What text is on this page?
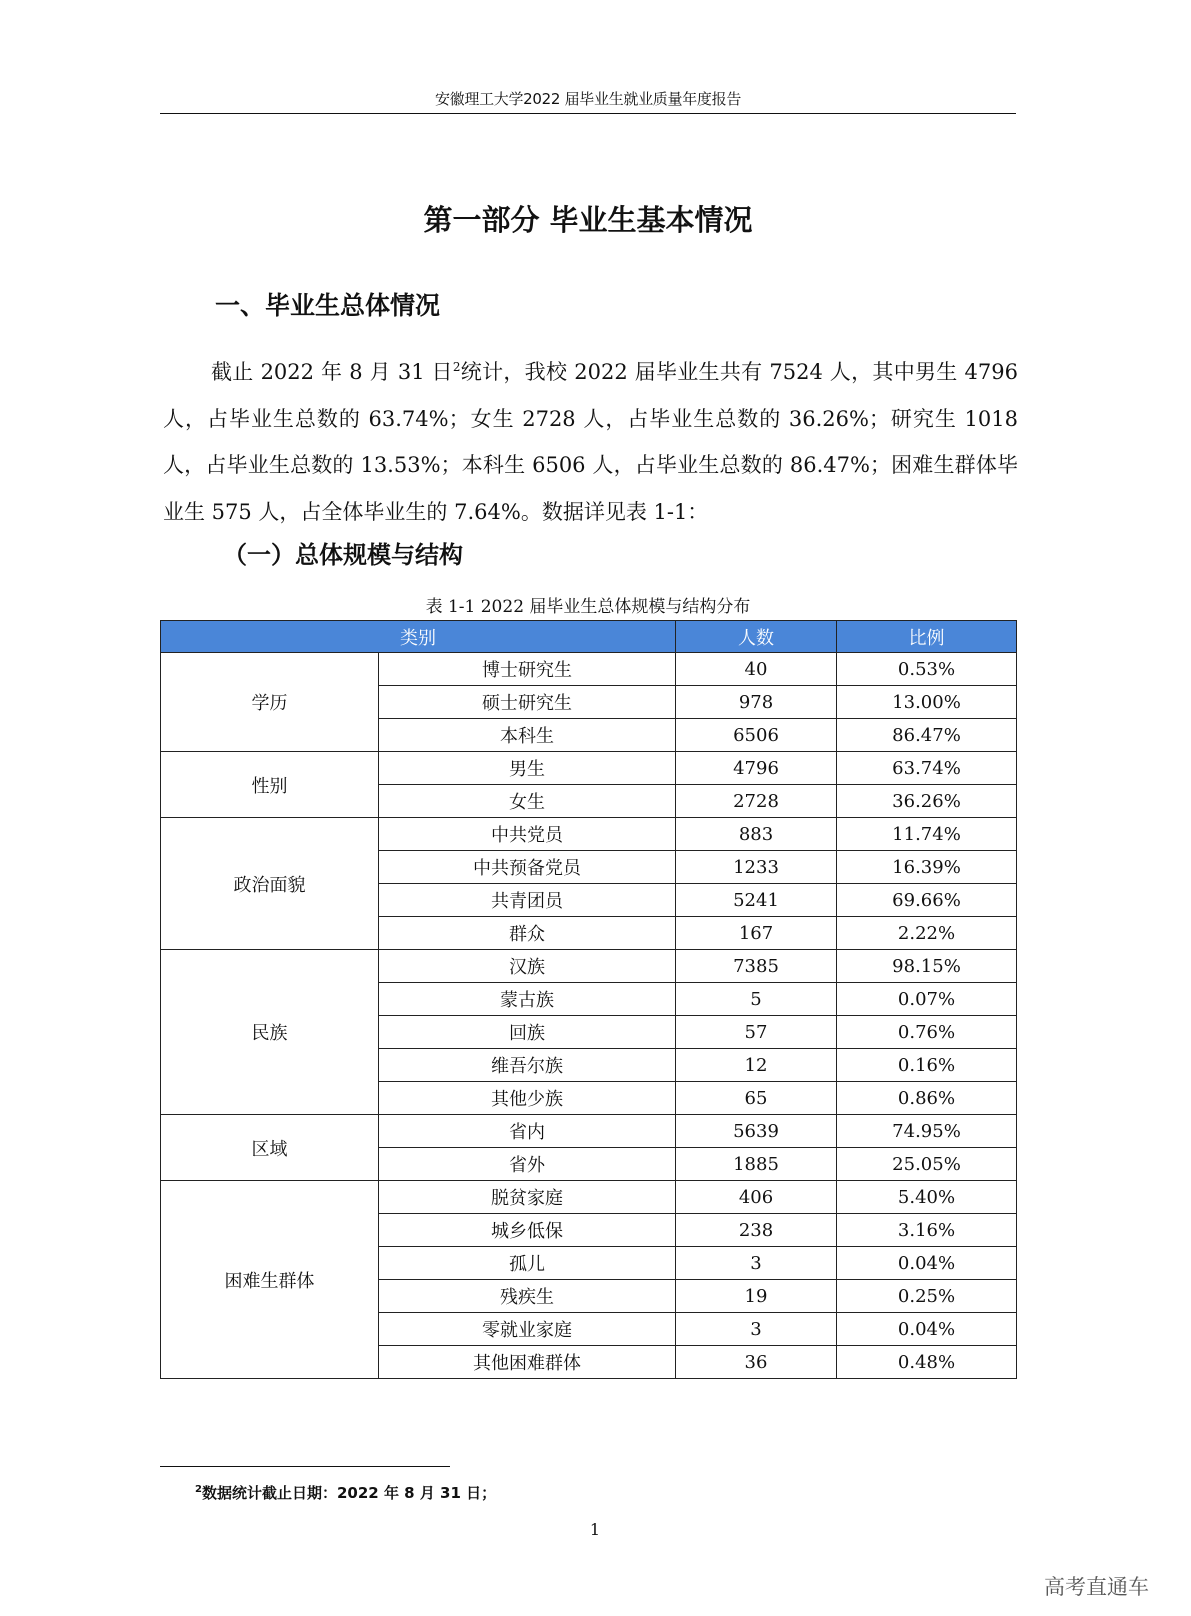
安徽理工大学2022 届毕业生就业质量年度报告
第一部分 毕业生基本情况
一、毕业生总体情况
截止 2022 年 8 月 31 日$^2$统计，我校 2022 届毕业生共有 7524 人，其中男生 4796 人，占毕业生总数的 63.74%；女生 2728 人，占毕业生总数的 36.26%；研究生 1018 人，占毕业生总数的 13.53%；本科生 6506 人，占毕业生总数的 86.47%；困难生群体毕业生 575 人，占全体毕业生的 7.64%。数据详见表 1-1：
（一）总体规模与结构
表 1-1 2022 届毕业生总体规模与结构分布
类别		人数	比例
学历	博士研究生	40	0.53%
	硕士研究生	978	13.00%
	本科生	6506	86.47%
性别	男生	4796	63.74%
	女生	2728	36.26%
政治面貌	中共党员	883	11.74%
	中共预备党员	1233	16.39%
	共青团员	5241	69.66%
	群众	167	2.22%
民族	汉族	7385	98.15%
	蒙古族	5	0.07%
	回族	57	0.76%
	维吾尔族	12	0.16%
	其他少族	65	0.86%
区域	省内	5639	74.95%
	省外	1885	25.05%
困难生群体	脱贫家庭	406	5.40%
	城乡低保	238	3.16%
	孤儿	3	0.04%
	残疾生	19	0.25%
	零就业家庭	3	0.04%
	其他困难群体	36	0.48%
$^2$数据统计截止日期：2022 年 8 月 31 日；
1
高考直通车
